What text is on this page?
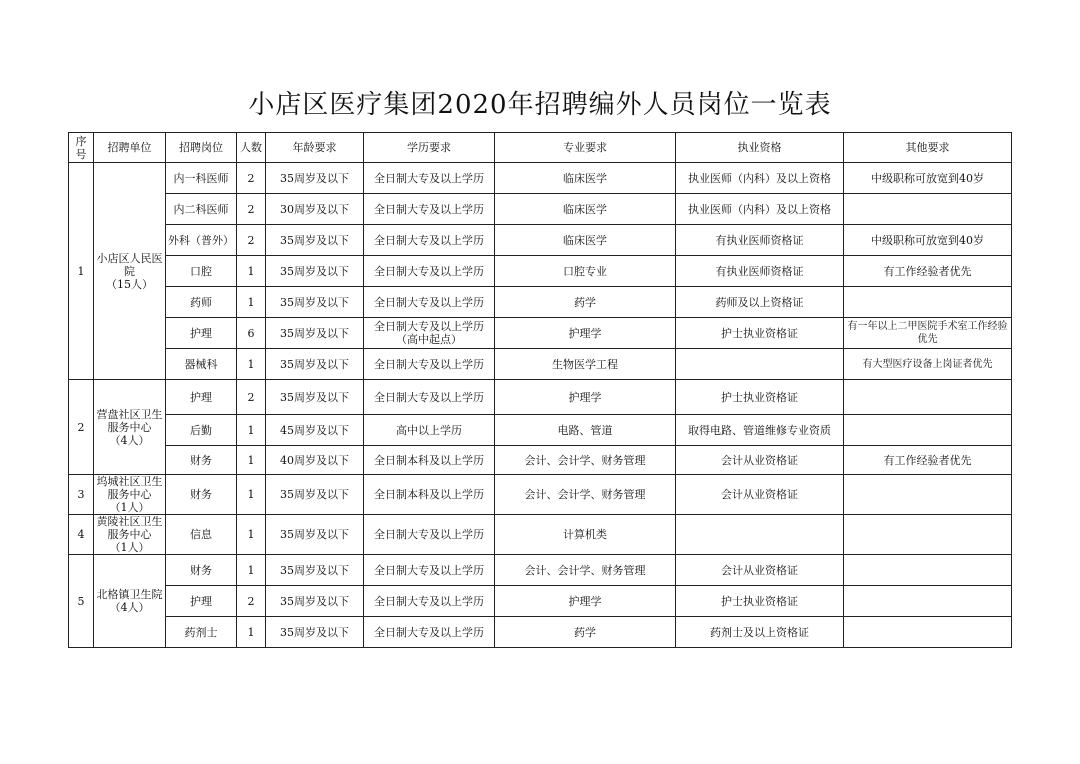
小店区医疗集团2020年招聘编外人员岗位一览表
序号	招聘单位	招聘岗位	人数	年龄要求	学历要求	专业要求	执业资格	其他要求
1	小店区人民医
院
（15人）	内一科医师	2	35周岁及以下	全日制大专及以上学历	临床医学	执业医师（内科）及以上资格	中级职称可放宽到40岁
		内二科医师	2	30周岁及以下	全日制大专及以上学历	临床医学	执业医师（内科）及以上资格	
		外科（普外）	2	35周岁及以下	全日制大专及以上学历	临床医学	有执业医师资格证	中级职称可放宽到40岁
		口腔	1	35周岁及以下	全日制大专及以上学历	口腔专业	有执业医师资格证	有工作经验者优先
		药师	1	35周岁及以下	全日制大专及以上学历	药学	药师及以上资格证	
		护理	6	35周岁及以下	全日制大专及以上学历（高中起点）	护理学	护士执业资格证	有一年以上二甲医院手术室工作经验优先
		器械科	1	35周岁及以下	全日制大专及以上学历	生物医学工程		有大型医疗设备上岗证者优先
2	营盘社区卫生
服务中心
（4人）	护理	2	35周岁及以下	全日制大专及以上学历	护理学	护士执业资格证	
		后勤	1	45周岁及以下	高中以上学历	电路、管道	取得电路、管道维修专业资质	
		财务	1	40周岁及以下	全日制本科及以上学历	会计、会计学、财务管理	会计从业资格证	有工作经验者优先
3	坞城社区卫生
服务中心
（1人）	财务	1	35周岁及以下	全日制本科及以上学历	会计、会计学、财务管理	会计从业资格证	
4	黄陵社区卫生
服务中心
（1人）	信息	1	35周岁及以下	全日制大专及以上学历	计算机类		
5	北格镇卫生院
（4人）	财务	1	35周岁及以下	全日制大专及以上学历	会计、会计学、财务管理	会计从业资格证	
		护理	2	35周岁及以下	全日制大专及以上学历	护理学	护士执业资格证	
		药剂士	1	35周岁及以下	全日制大专及以上学历	药学	药剂士及以上资格证	
